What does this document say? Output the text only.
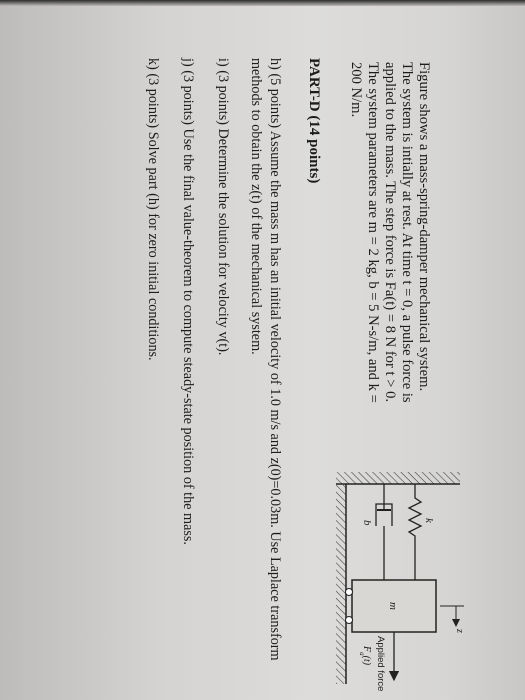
Figure shows a mass-spring-damper mechanical system.
The system is intially at rest. At time t = 0, a pulse force is
applied to the mass. The step force is Fa(t) = 8 N for t > 0.
The system parameters are m = 2 kg, b = 5 N-s/m, and k =
200 N/m.
PART-D (14 points)
h) (5 points) Assume the mass m has an initial velocity of 1.0 m/s and z(0)=0.03m. Use Laplace transform
methods to obtain the z(t) of the mechanical system.
i) (3 points) Determine the solution for velocity v(t).
j) (3 points) Use the final value-theorem to compute steady-state position of the mass.
k) (3 points) Solve part (h) for zero initial conditions.
k
b
m
z
Applied force
$F_a(t)$
